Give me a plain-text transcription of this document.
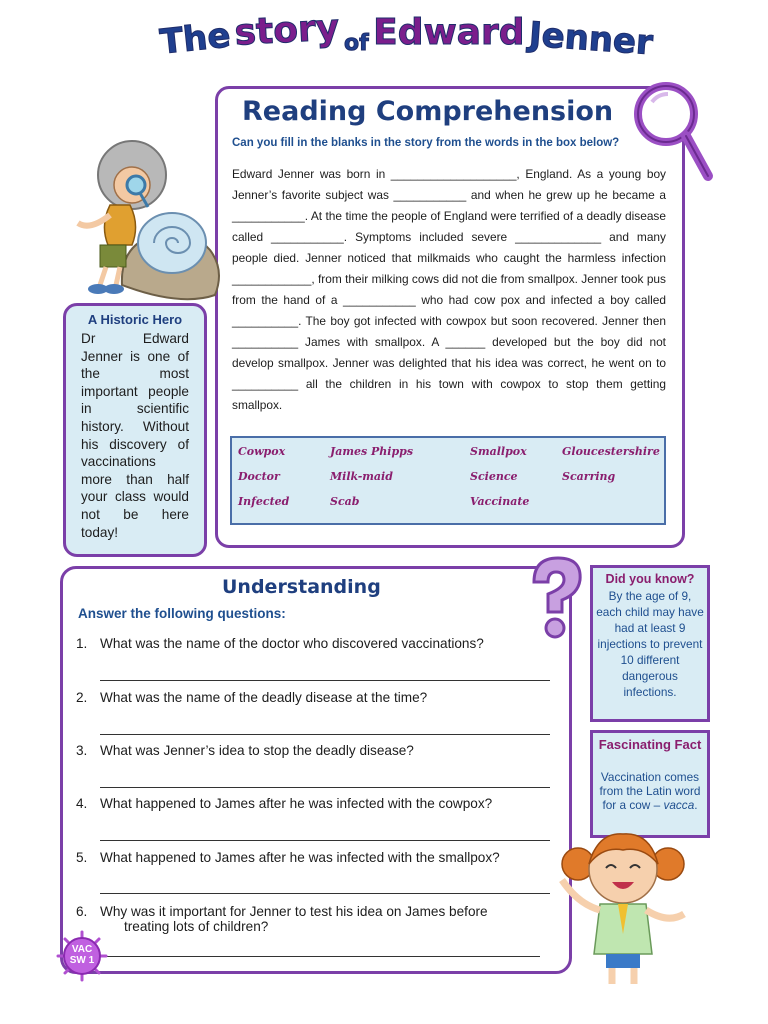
The story of Edward Jenner
Reading Comprehension
Can you fill in the blanks in the story from the words in the box below?
Edward Jenner was born in ___________________, England. As a young boy Jenner’s favorite subject was ___________ and when he grew up he became a ___________. At the time the people of England were terrified of a deadly disease called ___________. Symptoms included severe _____________ and many people died. Jenner noticed that milkmaids who caught the harmless infection ____________, from their milking cows did not die from smallpox. Jenner took pus from the hand of a ___________ who had cow pox and infected a boy called __________. The boy got infected with cowpox but soon recovered. Jenner then __________ James with smallpox. A ______ developed but the boy did not develop smallpox. Jenner was delighted that his idea was correct, he went on to __________ all the children in his town with cowpox to stop them getting smallpox.
Cowpox	James Phipps	Smallpox	Gloucestershire
Doctor	Milk-maid	Science	Scarring
Infected	Scab	Vaccinate
A Historic Hero
Dr Edward Jenner is one of the most important people in scientific history. Without his discovery of vaccinations more than half your class would not be here today!
Understanding
Answer the following questions:
1. What was the name of the doctor who discovered vaccinations?
2. What was the name of the deadly disease at the time?
3. What was Jenner’s idea to stop the deadly disease?
4. What happened to James after he was infected with the cowpox?
5. What happened to James after he was infected with the smallpox?
6. Why was it important for Jenner to test his idea on James before
treating lots of children?
Did you know?
By the age of 9, each child may have had at least 9 injections to prevent 10 different dangerous infections.
Fascinating Fact
Vaccination comes from the Latin word for a cow – vacca.
VAC
SW 1
